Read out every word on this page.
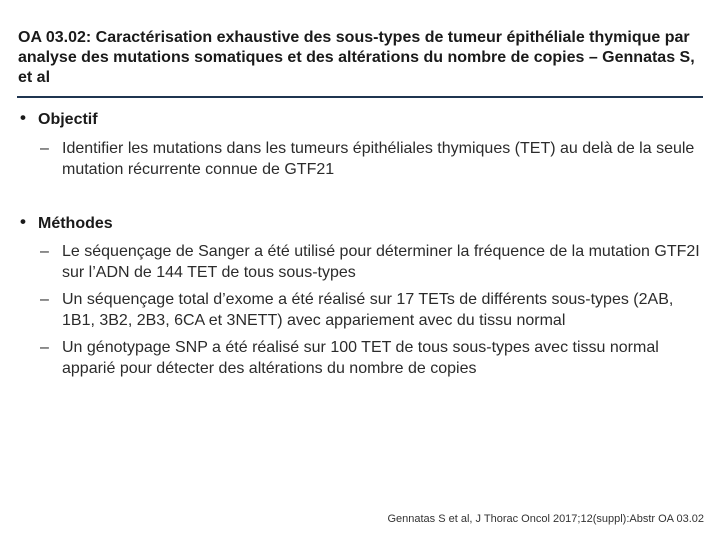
OA 03.02: Caractérisation exhaustive des sous-types de tumeur épithéliale thymique par analyse des mutations somatiques et des altérations du nombre de copies – Gennatas S, et al
• Objectif
– Identifier les mutations dans les tumeurs épithéliales thymiques (TET) au delà de la seule mutation récurrente connue de GTF21
• Méthodes
– Le séquençage de Sanger a été utilisé pour déterminer la fréquence de la mutation GTF2I sur l’ADN de 144 TET de tous sous-types
– Un séquençage total d’exome a été réalisé sur 17 TETs de différents sous-types (2AB, 1B1, 3B2, 2B3, 6CA et 3NETT) avec appariement avec du tissu normal
– Un génotypage SNP a été réalisé sur 100 TET de tous sous-types avec tissu normal apparié pour détecter des altérations du nombre de copies
Gennatas S et al, J Thorac Oncol 2017;12(suppl):Abstr OA 03.02
